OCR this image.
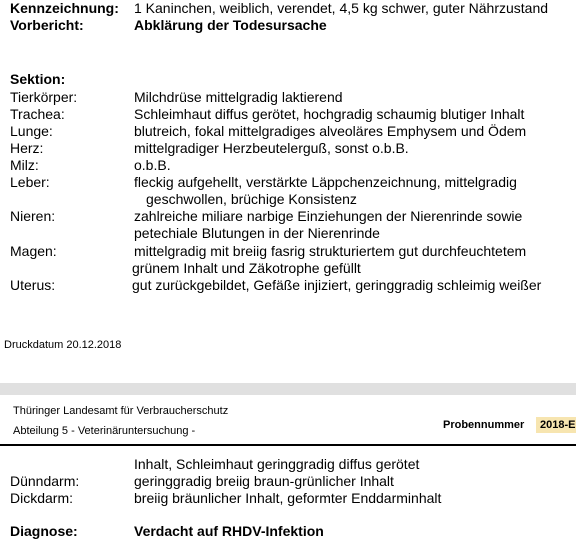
Kennzeichnung: 1 Kaninchen, weiblich, verendet, 4,5 kg schwer, guter Nährzustand
Vorbericht:	Abklärung der Todesursache
Sektion:
Tierkörper:	Milchdrüse mittelgradig laktierend
Trachea:	Schleimhaut diffus gerötet, hochgradig schaumig blutiger Inhalt
Lunge:	blutreich, fokal mittelgradiges alveoläres Emphysem und Ödem
Herz:	mittelgradiger Herzbeutelerguß, sonst o.b.B.
Milz:	o.b.B.
Leber:	fleckig aufgehellt, verstärkte Läppchenzeichnung, mittelgradig
geschwollen, brüchige Konsistenz
Nieren:	zahlreiche miliare narbige Einziehungen der Nierenrinde sowie
petechiale Blutungen in der Nierenrinde
Magen:	mittelgradig mit breiig fasrig strukturiertem gut durchfeuchtetem
grünem Inhalt und Zäkotrophe gefüllt
Uterus:	gut zurückgebildet, Gefäße injiziert, geringgradig schleimig weißer
Druckdatum 20.12.2018
Thüringer Landesamt für Verbraucherschutz
Abteilung 5 - Veterinäruntersuchung -	Probennummer	2018-E
Inhalt, Schleimhaut geringgradig diffus gerötet
Dünndarm:	geringgradig breiig braun-grünlicher Inhalt
Dickdarm:	breiig bräunlicher Inhalt, geformter Enddarminhalt
Diagnose:	Verdacht auf RHDV-Infektion
